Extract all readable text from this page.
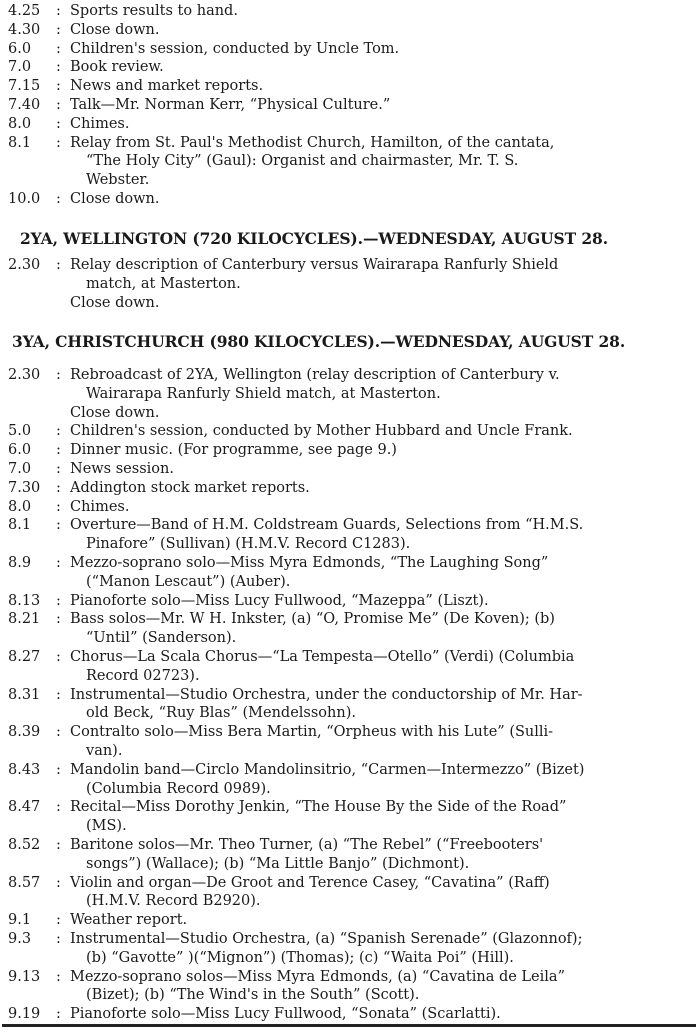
4.25 : Sports results to hand.
4.30 : Close down.
6.0 : Children's session, conducted by Uncle Tom.
7.0 : Book review.
7.15 : News and market reports.
7.40 : Talk—Mr. Norman Kerr, “Physical Culture.”
8.0 : Chimes.
8.1 : Relay from St. Paul's Methodist Church, Hamilton, of the cantata,
“The Holy City” (Gaul): Organist and chairmaster, Mr. T. S.
Webster.
10.0 : Close down.
2YA, WELLINGTON (720 KILOCYCLES).—WEDNESDAY, AUGUST 28.
2.30 : Relay description of Canterbury versus Wairarapa Ranfurly Shield
match, at Masterton.
Close down.
3YA, CHRISTCHURCH (980 KILOCYCLES).—WEDNESDAY, AUGUST 28.
2.30 : Rebroadcast of 2YA, Wellington (relay description of Canterbury v.
Wairarapa Ranfurly Shield match, at Masterton.
Close down.
5.0 : Children's session, conducted by Mother Hubbard and Uncle Frank.
6.0 : Dinner music. (For programme, see page 9.)
7.0 : News session.
7.30 : Addington stock market reports.
8.0 : Chimes.
8.1 : Overture—Band of H.M. Coldstream Guards, Selections from “H.M.S.
Pinafore” (Sullivan) (H.M.V. Record C1283).
8.9 : Mezzo-soprano solo—Miss Myra Edmonds, “The Laughing Song”
(“Manon Lescaut”) (Auber).
8.13 : Pianoforte solo—Miss Lucy Fullwood, “Mazeppa” (Liszt).
8.21 : Bass solos—Mr. W H. Inkster, (a) “O, Promise Me” (De Koven); (b)
“Until” (Sanderson).
8.27 : Chorus—La Scala Chorus—“La Tempesta—Otello” (Verdi) (Columbia
Record 02723).
8.31 : Instrumental—Studio Orchestra, under the conductorship of Mr. Har-
old Beck, “Ruy Blas” (Mendelssohn).
8.39 : Contralto solo—Miss Bera Martin, “Orpheus with his Lute” (Sulli-
van).
8.43 : Mandolin band—Circlo Mandolinsitrio, “Carmen—Intermezzo” (Bizet)
(Columbia Record 0989).
8.47 : Recital—Miss Dorothy Jenkin, “The House By the Side of the Road”
(MS).
8.52 : Baritone solos—Mr. Theo Turner, (a) “The Rebel” (“Freebooters'
songs”) (Wallace); (b) “Ma Little Banjo” (Dichmont).
8.57 : Violin and organ—De Groot and Terence Casey, “Cavatina” (Raff)
(H.M.V. Record B2920).
9.1 : Weather report.
9.3 : Instrumental—Studio Orchestra, (a) “Spanish Serenade” (Glazonnof);
(b) “Gavotte” )(“Mignon”) (Thomas); (c) “Waita Poi” (Hill).
9.13 : Mezzo-soprano solos—Miss Myra Edmonds, (a) “Cavatina de Leila”
(Bizet); (b) “The Wind's in the South” (Scott).
9.19 : Pianoforte solo—Miss Lucy Fullwood, “Sonata” (Scarlatti).
